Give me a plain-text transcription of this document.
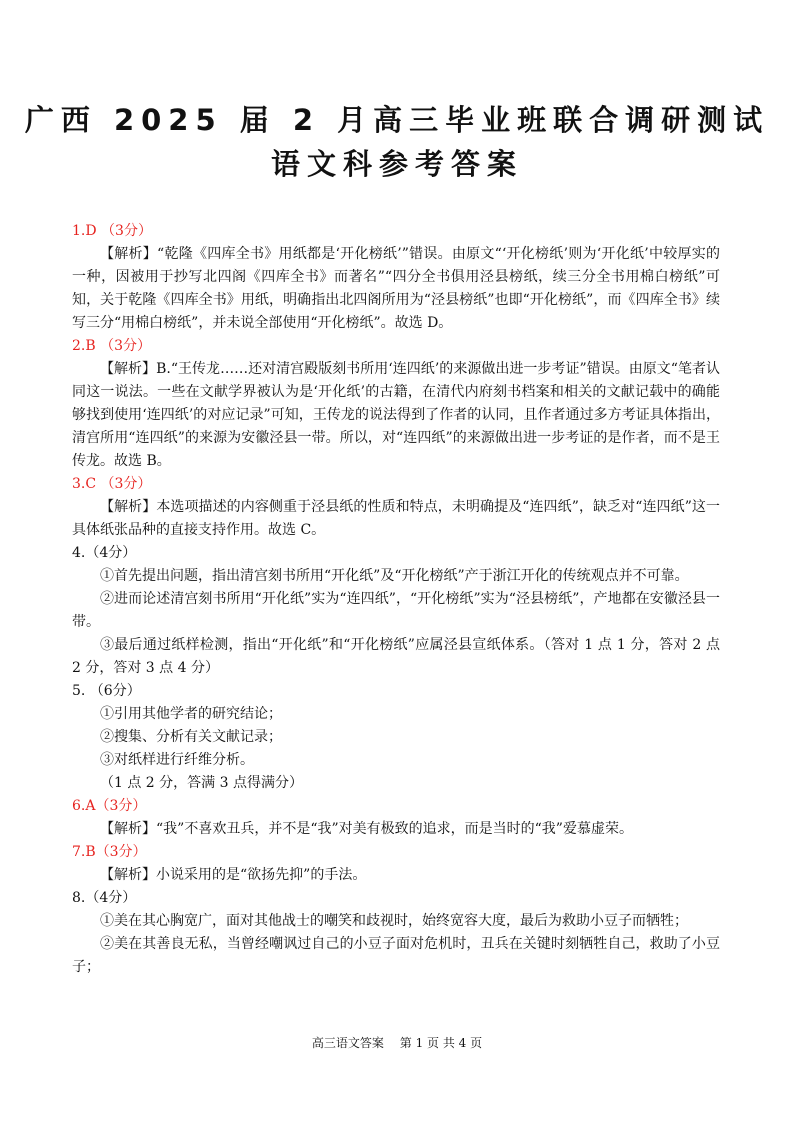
广西 2025 届 2 月高三毕业班联合调研测试
语文科参考答案

1.D （3分）

【解析】“乾隆《四库全书》用纸都是‘开化榜纸’”错误。由原文“‘开化榜纸’则为‘开化纸’中较厚实的一种，因被用于抄写北四阁《四库全书》而著名”“四分全书俱用泾县榜纸，续三分全书用棉白榜纸”可知，关于乾隆《四库全书》用纸，明确指出北四阁所用为“泾县榜纸”也即“开化榜纸”，而《四库全书》续写三分“用棉白榜纸”，并未说全部使用“开化榜纸”。故选 D。

2.B （3分）

【解析】B.“王传龙……还对清宫殿版刻书所用‘连四纸’的来源做出进一步考证”错误。由原文“笔者认同这一说法。一些在文献学界被认为是‘开化纸’的古籍，在清代内府刻书档案和相关的文献记载中的确能够找到使用‘连四纸’的对应记录”可知，王传龙的说法得到了作者的认同，且作者通过多方考证具体指出，清宫所用“连四纸”的来源为安徽泾县一带。所以，对“连四纸”的来源做出进一步考证的是作者，而不是王传龙。故选 B。

3.C （3分）

【解析】本选项描述的内容侧重于泾县纸的性质和特点，未明确提及“连四纸”，缺乏对“连四纸”这一具体纸张品种的直接支持作用。故选 C。

4.（4分）

①首先提出问题，指出清宫刻书所用“开化纸”及“开化榜纸”产于浙江开化的传统观点并不可靠。

②进而论述清宫刻书所用“开化纸”实为“连四纸”，“开化榜纸”实为“泾县榜纸”，产地都在安徽泾县一带。

③最后通过纸样检测，指出“开化纸”和“开化榜纸”应属泾县宣纸体系。（答对 1 点 1 分，答对 2 点 2 分，答对 3 点 4 分）

5. （6分）

①引用其他学者的研究结论；

②搜集、分析有关文献记录；

③对纸样进行纤维分析。

（1 点 2 分，答满 3 点得满分）

6.A（3分）

【解析】“我”不喜欢丑兵，并不是“我”对美有极致的追求，而是当时的“我”爱慕虚荣。

7.B（3分）

【解析】小说采用的是“欲扬先抑”的手法。

8.（4分）

①美在其心胸宽广，面对其他战士的嘲笑和歧视时，始终宽容大度，最后为救助小豆子而牺牲；

②美在其善良无私，当曾经嘲讽过自己的小豆子面对危机时，丑兵在关键时刻牺牲自己，救助了小豆子；

高三语文答案 第 1 页 共 4 页
